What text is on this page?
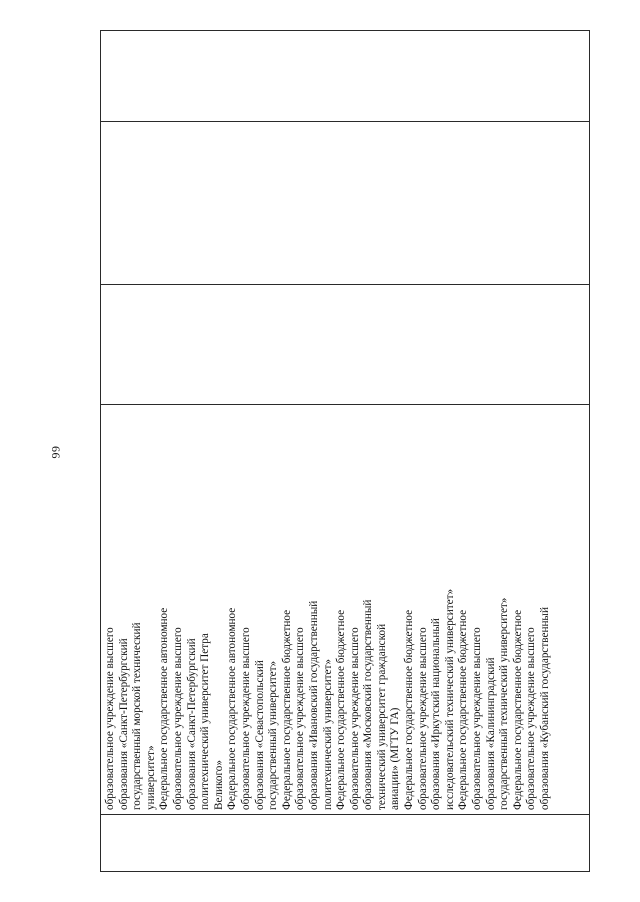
66

образовательное учреждение высшего образования «Санкт-Петербургский государственный морской технический университет» Федеральное государственное автономное образовательное учреждение высшего образования «Санкт-Петербургский политехнический университет Петра Великого» Федеральное государственное автономное образовательное учреждение высшего образования «Севастопольский государственный университет» Федеральное государственное бюджетное образовательное учреждение высшего образования «Ивановский государственный политехнический университет» Федеральное государственное бюджетное образовательное учреждение высшего образования «Московский государственный технический университет гражданской авиации» (МГТУ ГА) Федеральное государственное бюджетное образовательное учреждение высшего образования «Иркутский национальный исследовательский технический университет» Федеральное государственное бюджетное образовательное учреждение высшего образования «Калининградский государственный технический университет» Федеральное государственное бюджетное образовательное учреждение высшего образования «Кубанский государственный
